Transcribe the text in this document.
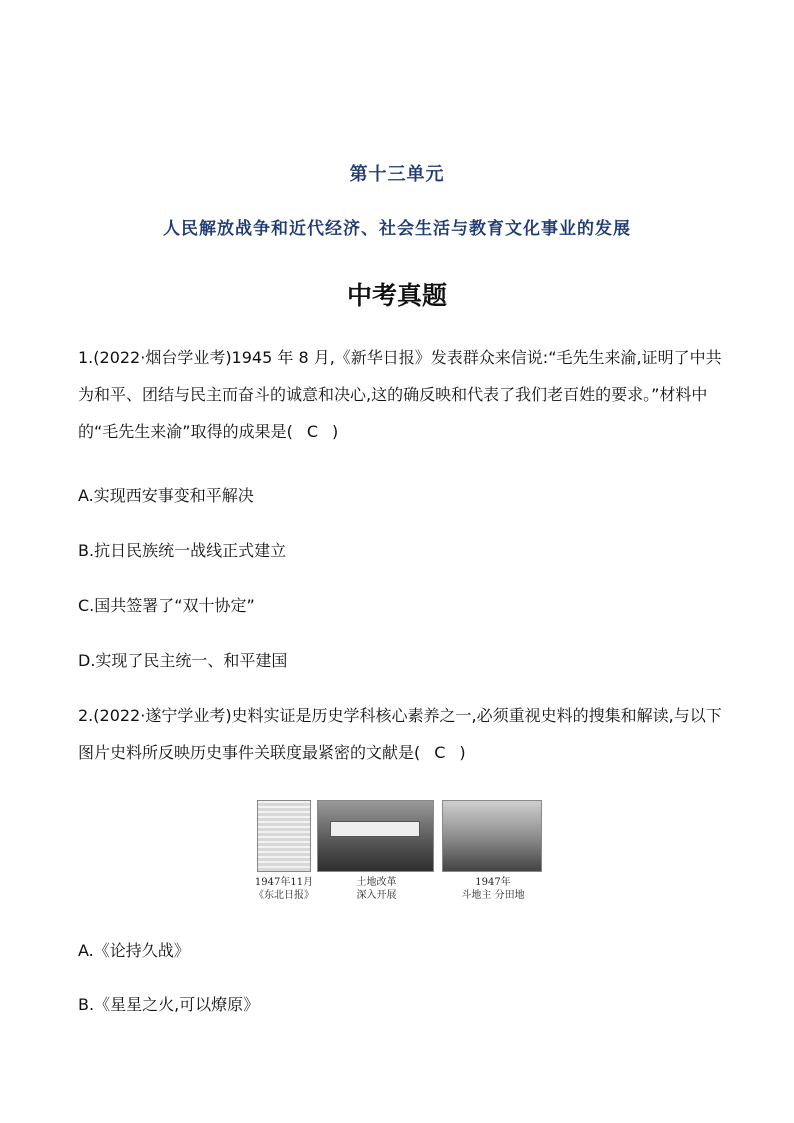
第十三单元
人民解放战争和近代经济、社会生活与教育文化事业的发展
中考真题
1.(2022·烟台学业考)1945 年 8 月,《新华日报》发表群众来信说:“毛先生来渝,证明了中共为和平、团结与民主而奋斗的诚意和决心,这的确反映和代表了我们老百姓的要求。”材料中的“毛先生来渝”取得的成果是( C )
A.实现西安事变和平解决
B.抗日民族统一战线正式建立
C.国共签署了“双十协定”
D.实现了民主统一、和平建国
2.(2022·遂宁学业考)史料实证是历史学科核心素养之一,必须重视史料的搜集和解读,与以下图片史料所反映历史事件关联度最紧密的文献是( C )
1947年11月
《东北日报》
土地改革
深入开展
1947年
斗地主 分田地
A.《论持久战》
B.《星星之火,可以燎原》
